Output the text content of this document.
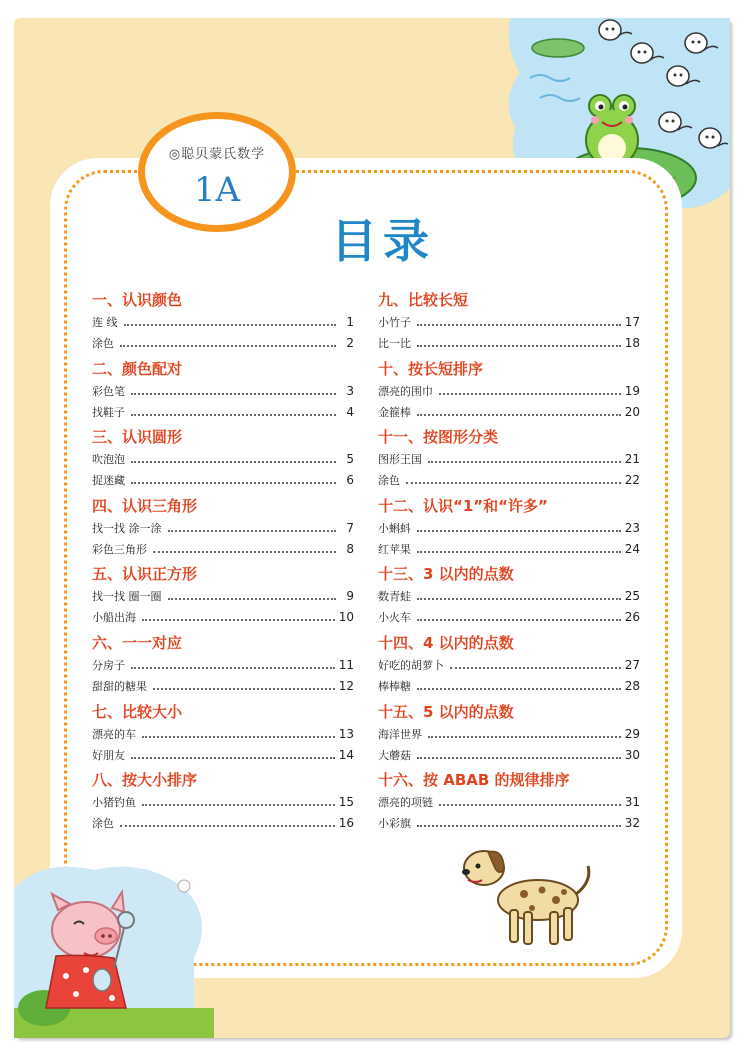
◎聪贝蒙氏数学
1A
目录
一、认识颜色
连 线	1
涂色	2
二、颜色配对
彩色笔	3
找鞋子	4
三、认识圆形
吹泡泡	5
捉迷藏	6
四、认识三角形
找一找 涂一涂	7
彩色三角形	8
五、认识正方形
找一找 圈一圈	9
小船出海	10
六、一一对应
分房子	11
甜甜的糖果	12
七、比较大小
漂亮的车	13
好朋友	14
八、按大小排序
小猪钓鱼	15
涂色	16
九、比较长短
小竹子	17
比一比	18
十、按长短排序
漂亮的围巾	19
金箍棒	20
十一、按图形分类
图形王国	21
涂色	22
十二、认识“1”和“许多”
小蝌蚪	23
红苹果	24
十三、3 以内的点数
数青蛙	25
小火车	26
十四、4 以内的点数
好吃的胡萝卜	27
棒棒糖	28
十五、5 以内的点数
海洋世界	29
大蘑菇	30
十六、按 ABAB 的规律排序
漂亮的项链	31
小彩旗	32
